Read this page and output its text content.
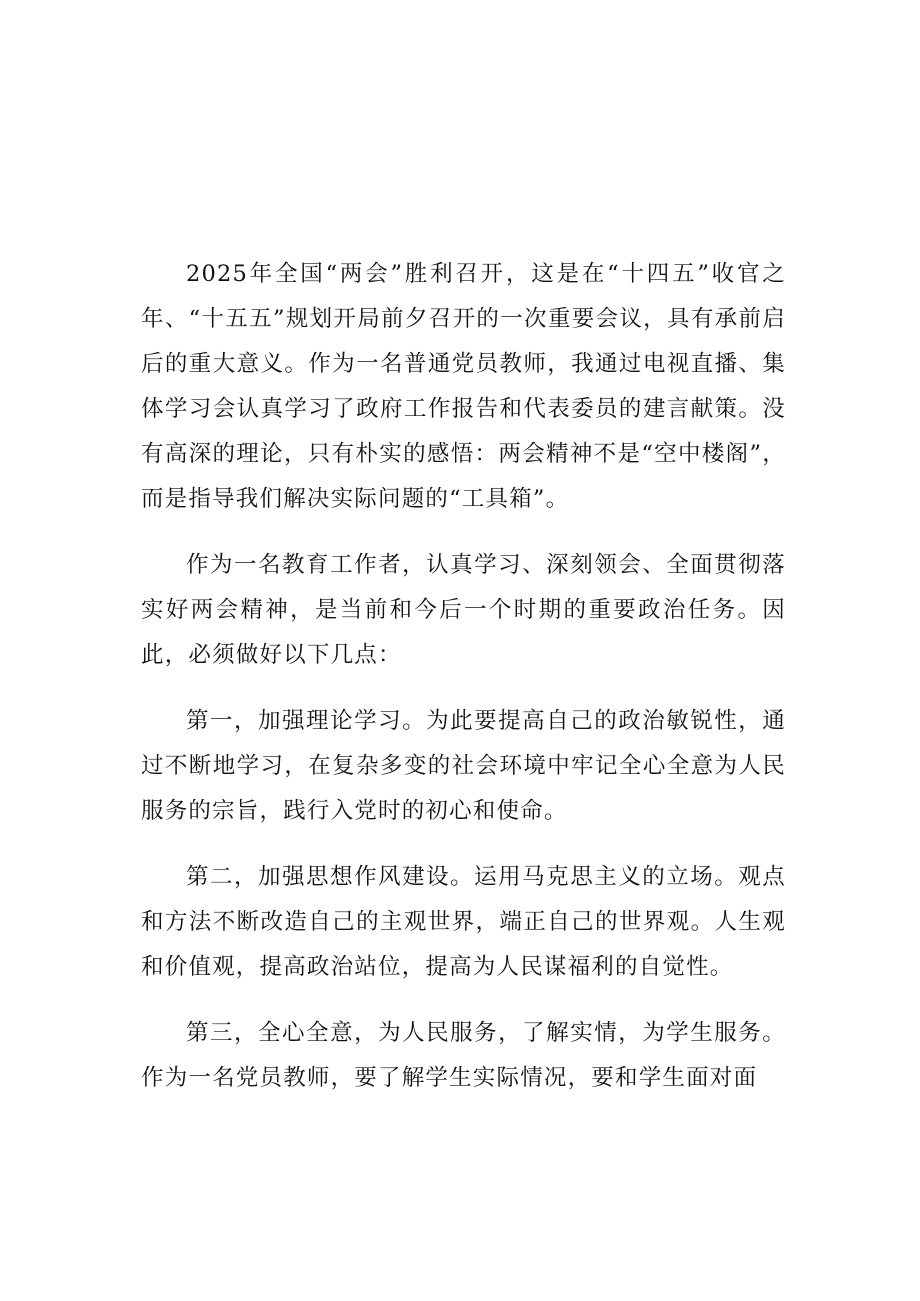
2025年全国“两会”胜利召开，这是在“十四五”收官之年、“十五五”规划开局前夕召开的一次重要会议，具有承前启后的重大意义。作为一名普通党员教师，我通过电视直播、集体学习会认真学习了政府工作报告和代表委员的建言献策。没有高深的理论，只有朴实的感悟：两会精神不是“空中楼阁”，而是指导我们解决实际问题的“工具箱”。

作为一名教育工作者，认真学习、深刻领会、全面贯彻落实好两会精神，是当前和今后一个时期的重要政治任务。因此，必须做好以下几点：

第一，加强理论学习。为此要提高自己的政治敏锐性，通过不断地学习，在复杂多变的社会环境中牢记全心全意为人民服务的宗旨，践行入党时的初心和使命。

第二，加强思想作风建设。运用马克思主义的立场。观点和方法不断改造自己的主观世界，端正自己的世界观。人生观和价值观，提高政治站位，提高为人民谋福利的自觉性。

第三，全心全意，为人民服务，了解实情，为学生服务。作为一名党员教师，要了解学生实际情况，要和学生面对面
